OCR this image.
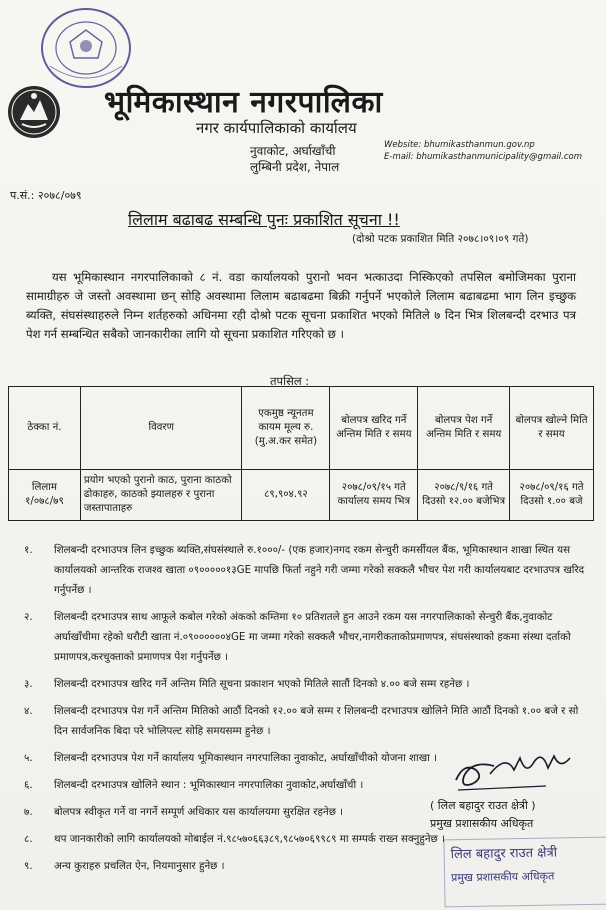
भूमिकास्थान नगरपालिका
नगर कार्यपालिकाको कार्यालय
नुवाकोट, अर्घाखाँची
लुम्बिनी प्रदेश, नेपाल
Website: bhumikasthanmun.gov.np
E-mail: bhumikasthanmunicipality@gmail.com
प.सं.: २०७८/०७९
लिलाम बढाबढ सम्बन्धि पुनः प्रकाशित सूचना !!
(दोश्रो पटक प्रकाशित मिति २०७८।०९।०९ गते)
यस भूमिकास्थान नगरपालिकाको ८ नं. वडा कार्यालयको पुरानो भवन भत्काउदा निस्किएको तपसिल बमोजिमका पुराना सामाग्रीहरु जे जस्तो अवस्थामा छन् सोहि अवस्थामा लिलाम बढाबढमा बिक्री गर्नुपर्ने भएकोले लिलाम बढाबढमा भाग लिन इच्छुक ब्यक्ति, संघसंस्थाहरुले निम्न शर्तहरुको अधिनमा रही दोश्रो पटक सूचना प्रकाशित भएको मितिले ७ दिन भित्र शिलबन्दी दरभाउ पत्र पेश गर्न सम्बन्धित सबैको जानकारीका लागि यो सूचना प्रकाशित गरिएको छ ।
तपसिल :
ठेक्का नं.	विवरण	एकमुष्ठ न्यूनतम कायम मूल्य रु. (मु.अ.कर समेत)	बोलपत्र खरिद गर्ने अन्तिम मिति र समय	बोलपत्र पेश गर्ने अन्तिम मिति र समय	बोलपत्र खोल्ने मिति र समय
लिलाम १/०७८/७९	प्रयोग भएको पुरानो काठ, पुराना काठको ढोकाहरु, काठको झ्यालहरु र पुराना जस्तापाताहरु	८९,९०४.९२	२०७८/०९/१५ गते कार्यालय समय भित्र	२०७८/९/१६ गते दिउसो १२.०० बजेभित्र	२०७८/०९/१६ गते दिउसो १.०० बजे
१.	शिलबन्दी दरभाउपत्र लिन इच्छुक ब्यक्ति,संघसंस्थाले रु.१०००/- (एक हजार)नगद रकम सेन्चुरी कमर्सीयल बैंक, भूमिकास्थान शाखा स्थित यस कार्यालयको आन्तरिक राजश्व खाता ०९०००००१३GE मापछि फिर्ता नहुने गरी जम्मा गरेको सक्कलै भौचर पेश गरी कार्यालयबाट दरभाउपत्र खरिद गर्नुपर्नेछ ।
२.	शिलबन्दी दरभाउपत्र साथ आफूले कबोल गरेको अंकको कम्तिमा १० प्रतिशतले हुन आउने रकम यस नगरपालिकाको सेन्चुरी बैंक,नुवाकोट अर्घाखाँचीमा रहेको धरौटी खाता नं.०९००००००४GE मा जम्मा गरेको सक्कलै भौचर,नागरीकताकोप्रमाणपत्र, संघसंस्थाको हकमा संस्था दर्ताको प्रमाणपत्र,करचुक्ताको प्रमाणपत्र पेश गर्नुपर्नेछ ।
३.	शिलबन्दी दरभाउपत्र खरिद गर्ने अन्तिम मिति सूचना प्रकाशन भएको मितिले सातौं दिनको ४.०० बजे सम्म रहनेछ ।
४.	शिलबन्दी दरभाउपत्र पेश गर्ने अन्तिम मितिको आठौं दिनको १२.०० बजे सम्म र शिलबन्दी दरभाउपत्र खोलिने मिति आठौं दिनको १.०० बजे र सो दिन सार्वजनिक बिदा परे भोलिपल्ट सोहि समयसम्म हुनेछ ।
५.	शिलबन्दी दरभाउपत्र पेश गर्ने कार्यालय भूमिकास्थान नगरपालिका नुवाकोट, अर्घाखाँचीको योजना शाखा ।
६.	शिलबन्दी दरभाउपत्र खोलिने स्थान : भूमिकास्थान नगरपालिका नुवाकोट,अर्घाखाँची ।
७.	बोलपत्र स्वीकृत गर्ने वा नगर्ने सम्पूर्ण अधिकार यस कार्यालयमा सुरक्षित रहनेछ ।
८.	थप जानकारीको लागि कार्यालयको मोबाईल नं.९८५७०६६३८९,९८५७०६९९८९ मा सम्पर्क राख्न सक्नुहुनेछ ।
९.	अन्य कुराहरु प्रचलित ऐन, नियमानुसार हुनेछ ।
( लिल बहादुर राउत क्षेत्री )
प्रमुख प्रशासकीय अधिकृत
लिल बहादुर राउत क्षेत्री
प्रमुख प्रशासकीय अधिकृत
